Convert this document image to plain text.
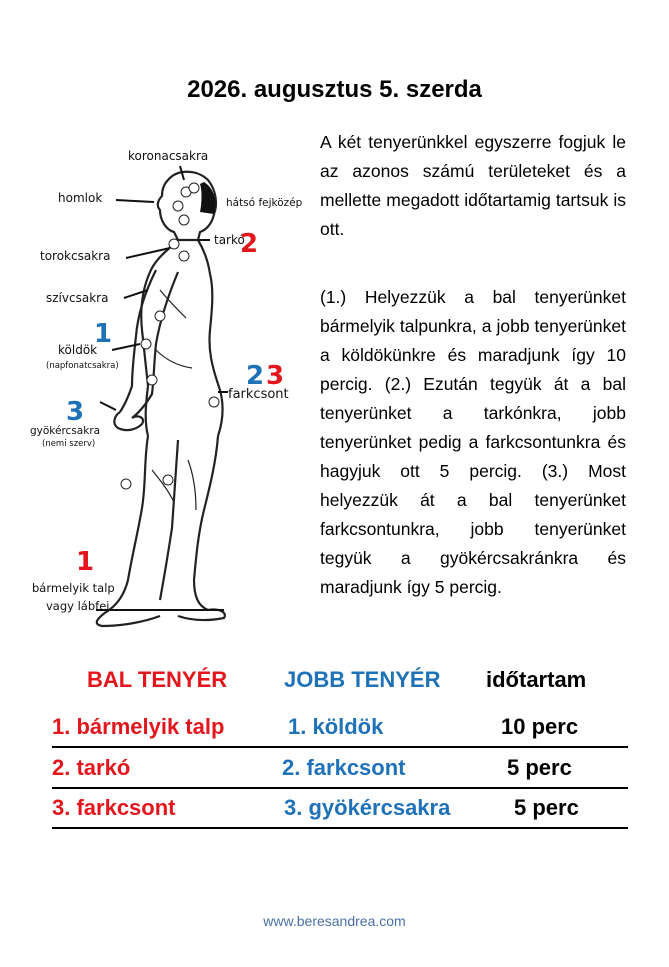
2026. augusztus 5. szerda
koronacsakra
homlok	hátsó fejközép
tarkó
torokcsakra
szívcsakra
köldök
(napfonatcsakra)
farkcsont
gyökércsakra
(nemi szerv)
bármelyik talp
vagy lábfej
2
1
2 3
3
1

A két tenyerünkkel egyszerre fogjuk le az azonos számú területeket és a mellette megadott időtartamig tartsuk is ott.

(1.) Helyezzük a bal tenyerünket bármelyik talpunkra, a jobb tenyerünket a köldökünkre és maradjunk így 10 percig. (2.) Ezután tegyük át a bal tenyerünket a tarkónkra, jobb tenyerünket pedig a farkcsontunkra és hagyjuk ott 5 percig. (3.) Most helyezzük át a bal tenyerünket farkcsontunkra, jobb tenyerünket tegyük a gyökércsakránkra és maradjunk így 5 percig.

BAL TENYÉR	JOBB TENYÉR időtartam
1. bármelyik talp	1. köldök	10 perc
2. tarkó	2. farkcsont	5 perc
3. farkcsont	3. gyökércsakra	5 perc
www.beresandrea.com
